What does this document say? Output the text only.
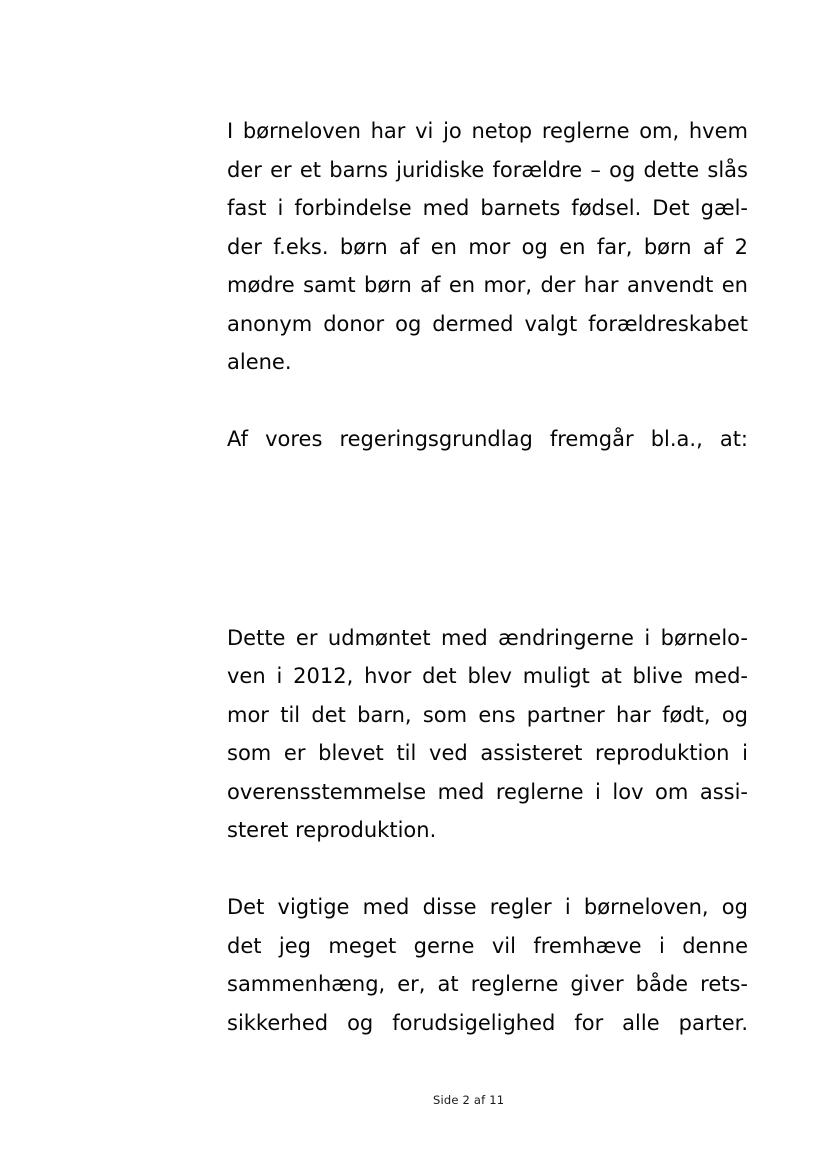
I børneloven har vi jo netop reglerne om, hvem
der er et barns juridiske forældre – og dette slås
fast i forbindelse med barnets fødsel. Det gæl-
der f.eks. børn af en mor og en far, børn af 2
mødre samt børn af en mor, der har anvendt en
anonym donor og dermed valgt forældreskabet
alene.
Af vores regeringsgrundlag fremgår bl.a., at:
Dette er udmøntet med ændringerne i børnelo-
ven i 2012, hvor det blev muligt at blive med-
mor til det barn, som ens partner har født, og
som er blevet til ved assisteret reproduktion i
overensstemmelse med reglerne i lov om assi-
steret reproduktion.
Det vigtige med disse regler i børneloven, og
det jeg meget gerne vil fremhæve i denne
sammenhæng, er, at reglerne giver både rets-
sikkerhed og forudsigelighed for alle parter.
Side 2 af 11
